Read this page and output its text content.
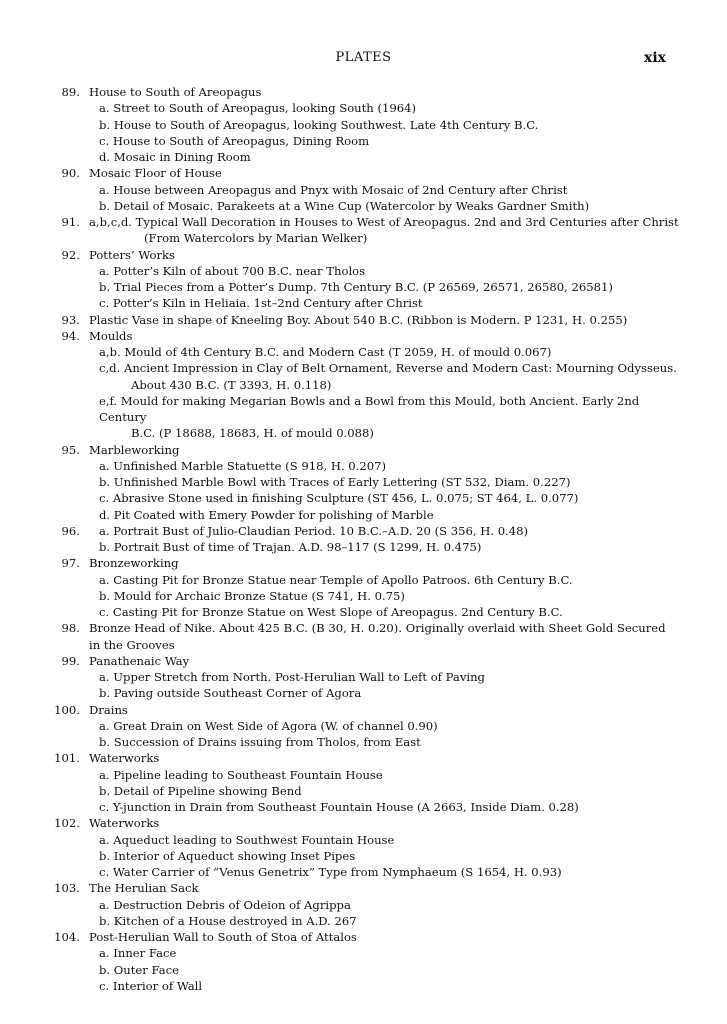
PLATES	xix
89. House to South of Areopagus
a. Street to South of Areopagus, looking South (1964)
b. House to South of Areopagus, looking Southwest. Late 4th Century B.C.
c. House to South of Areopagus, Dining Room
d. Mosaic in Dining Room
90. Mosaic Floor of House
a. House between Areopagus and Pnyx with Mosaic of 2nd Century after Christ
b. Detail of Mosaic. Parakeets at a Wine Cup (Watercolor by Weaks Gardner Smith)
91. a,b,c,d. Typical Wall Decoration in Houses to West of Areopagus. 2nd and 3rd Centuries after Christ
(From Watercolors by Marian Welker)
92. Potters’ Works
a. Potter’s Kiln of about 700 B.C. near Tholos
b. Trial Pieces from a Potter’s Dump. 7th Century B.C. (P 26569, 26571, 26580, 26581)
c. Potter’s Kiln in Heliaia. 1st–2nd Century after Christ
93. Plastic Vase in shape of Kneeling Boy. About 540 B.C. (Ribbon is Modern. P 1231, H. 0.255)
94. Moulds
a,b. Mould of 4th Century B.C. and Modern Cast (T 2059, H. of mould 0.067)
c,d. Ancient Impression in Clay of Belt Ornament, Reverse and Modern Cast: Mourning Odysseus.
About 430 B.C. (T 3393, H. 0.118)
e,f. Mould for making Megarian Bowls and a Bowl from this Mould, both Ancient. Early 2nd Century
B.C. (P 18688, 18683, H. of mould 0.088)
95. Marbleworking
a. Unfinished Marble Statuette (S 918, H. 0.207)
b. Unfinished Marble Bowl with Traces of Early Lettering (ST 532, Diam. 0.227)
c. Abrasive Stone used in finishing Sculpture (ST 456, L. 0.075; ST 464, L. 0.077)
d. Pit Coated with Emery Powder for polishing of Marble
96. a. Portrait Bust of Julio-Claudian Period. 10 B.C.–A.D. 20 (S 356, H. 0.48)
b. Portrait Bust of time of Trajan. A.D. 98–117 (S 1299, H. 0.475)
97. Bronzeworking
a. Casting Pit for Bronze Statue near Temple of Apollo Patroos. 6th Century B.C.
b. Mould for Archaic Bronze Statue (S 741, H. 0.75)
c. Casting Pit for Bronze Statue on West Slope of Areopagus. 2nd Century B.C.
98. Bronze Head of Nike. About 425 B.C. (B 30, H. 0.20). Originally overlaid with Sheet Gold Secured
in the Grooves
99. Panathenaic Way
a. Upper Stretch from North. Post-Herulian Wall to Left of Paving
b. Paving outside Southeast Corner of Agora
100. Drains
a. Great Drain on West Side of Agora (W. of channel 0.90)
b. Succession of Drains issuing from Tholos, from East
101. Waterworks
a. Pipeline leading to Southeast Fountain House
b. Detail of Pipeline showing Bend
c. Y-junction in Drain from Southeast Fountain House (A 2663, Inside Diam. 0.28)
102. Waterworks
a. Aqueduct leading to Southwest Fountain House
b. Interior of Aqueduct showing Inset Pipes
c. Water Carrier of “Venus Genetrix” Type from Nymphaeum (S 1654, H. 0.93)
103. The Herulian Sack
a. Destruction Debris of Odeion of Agrippa
b. Kitchen of a House destroyed in A.D. 267
104. Post-Herulian Wall to South of Stoa of Attalos
a. Inner Face
b. Outer Face
c. Interior of Wall
